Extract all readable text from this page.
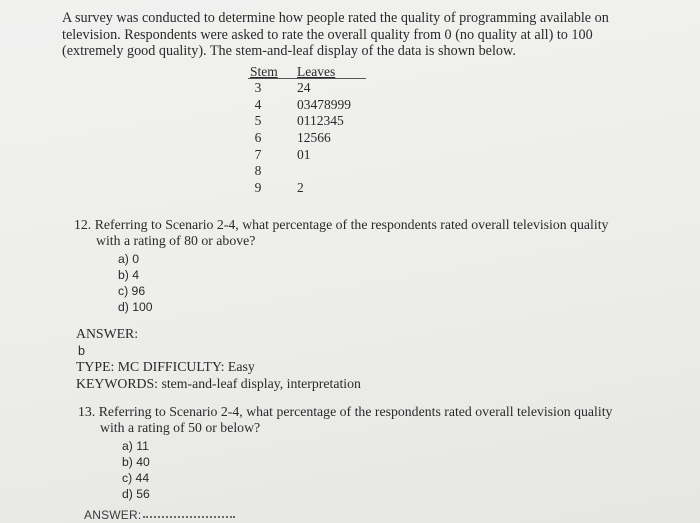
A survey was conducted to determine how people rated the quality of programming available on

television. Respondents were asked to rate the overall quality from 0 (no quality at all) to 100

(extremely good quality). The stem-and-leaf display of the data is shown below.

Stem Leaves
3	24
4	03478999
5	0112345
6	12566
7	01
8
9	2

12. Referring to Scenario 2-4, what percentage of the respondents rated overall television quality

with a rating of 80 or above?

a) 0
b) 4
c) 96
d) 100
ANSWER:
b
TYPE: MC DIFFICULTY: Easy
KEYWORDS: stem-and-leaf display, interpretation

13. Referring to Scenario 2-4, what percentage of the respondents rated overall television quality

with a rating of 50 or below?

a) 11
b) 40
c) 44
d) 56
ANSWER:
